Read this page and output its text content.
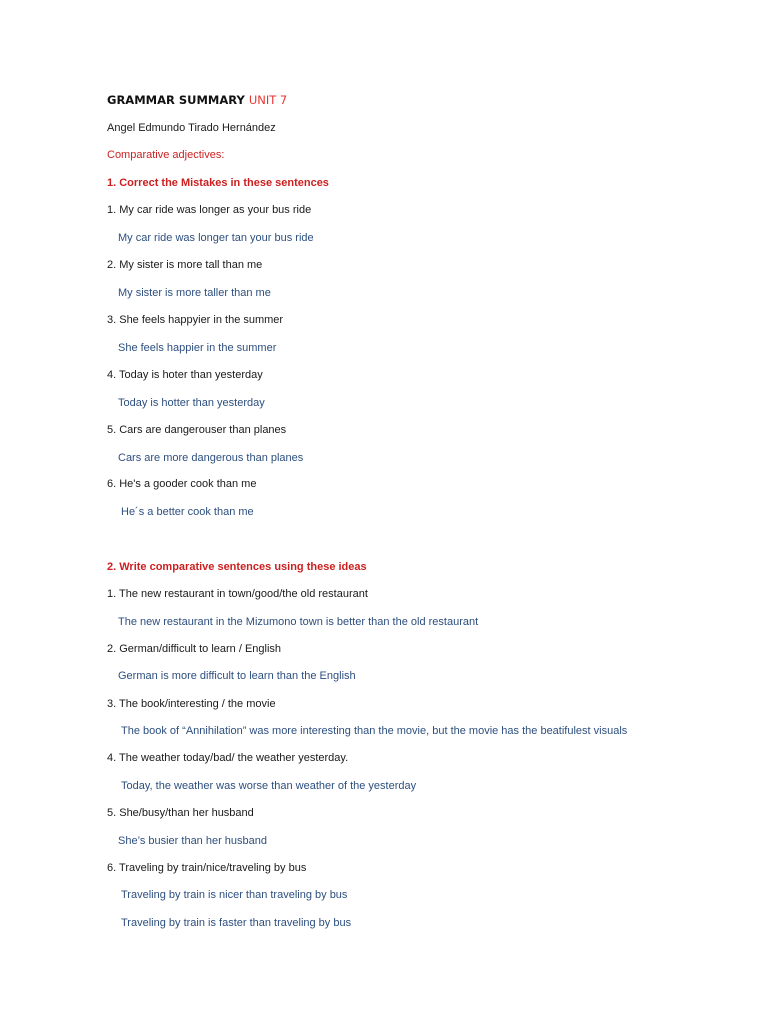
GRAMMAR SUMMARY UNIT 7
Angel Edmundo Tirado Hernández
Comparative adjectives:
1. Correct the Mistakes in these sentences
1. My car ride was longer as your bus ride
My car ride was longer tan your bus ride
2. My sister is more tall than me
My sister is more taller than me
3. She feels happyier in the summer
She feels happier in the summer
4. Today is hoter than yesterday
Today is hotter than yesterday
5. Cars are dangerouser than planes
Cars are more dangerous than planes
6. He's a gooder cook than me
He´s a better cook than me
2. Write comparative sentences using these ideas
1. The new restaurant in town/good/the old restaurant
The new restaurant in the Mizumono town is better than the old restaurant
2. German/difficult to learn / English
German is more difficult to learn than the English
3. The book/interesting / the movie
The book of “Annihilation” was more interesting than the movie, but the movie has the beatifulest visuals
4. The weather today/bad/ the weather yesterday.
Today, the weather was worse than weather of the yesterday
5. She/busy/than her husband
She’s busier than her husband
6. Traveling by train/nice/traveling by bus
Traveling by train is nicer than traveling by bus
Traveling by train is faster than traveling by bus
